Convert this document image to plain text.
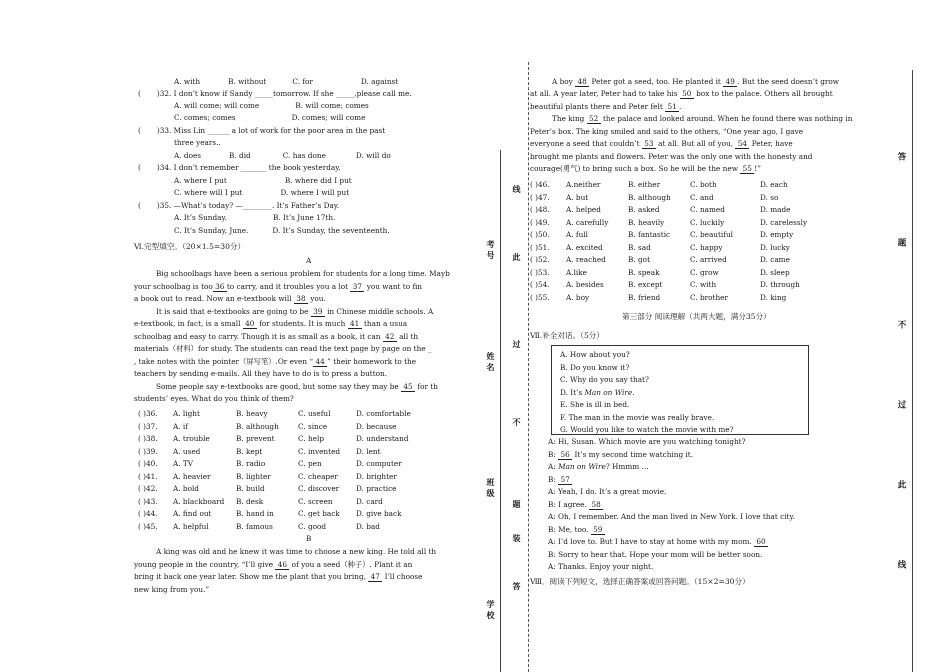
A. with	B. without	C. for	D. against
( )32. I don’t know if Sandy _____tomorrow. If she _____,please call me.
A. will come; will come	B. will come; comes
C. comes; comes	D. comes; will come
( )33. Miss Lin ______ a lot of work for the poor area in the past
three years..
A. does	B. did	C. has done	D. will do
( )34. I don’t remember _______ the book yesterday.
A. where I put	B. where did I put
C. where will I put	D. where I will put
( )35. —What’s today? —________. It’s Father’s Day.
A. It’s Sunday.	B. It’s June 17th.
C. It’s Sunday, June.	D. It’s Sunday, the seventeenth.
Ⅵ.完型填空。（20×1.5=30分）
A
Big schoolbags have been a serious problem for students for a long time. Mayb
your schoolbag is too 36 to carry, and it troubles you a lot 37 you want to fin
a book out to read. Now an e-textbook will 38 you.
It is said that e-textbooks are going to be 39 in Chinese middle schools. A
e-textbook, in fact, is a small 40 for students. It is much 41 than a usua
schoolbag and easy to carry. Though it is as small as a book, it can 42 all th
materials（材料）for study. The students can read the text page by page on the _
, take notes with the pointer（屏写笔）.Or even “ 44 ” their homework to the
teachers by sending e-mails. All they have to do is to press a button.
Some people say e-textbooks are good, but some say they may be 45 for th
students’ eyes. What do you think of them?
( )36. A. light	B. heavy	C. useful	D. comfortable
( )37. A. if	B. although	C. since	D. because
( )38. A. trouble	B. prevent	C. help	D. understand
( )39. A. used	B. kept	C. invented D. lent
( )40. A. TV	B. radio	C. pen	D. computer
( )41. A. heavier	B. lighter	C. cheaper D. brighter
( )42. A. bold	B. build	C. discover D. practice
( )43. A. blackboard B. desk	C. screen	D. card
( )44. A. find out	B. hand in	C. get back D. give back
( )45. A. helpful	B. famous	C. good	D. bad
B
A king was old and he knew it was time to choose a new king. He told all th
young people in the country, “I’ll give 46 of you a seed（种子）. Plant it an
bring it back one year later. Show me the plant that you bring, 47 I’ll choose
new king from you.”
考号
姓名
班级
学校
线
此
过
不
题
装
答
答
题
不
过
此
线
A boy 48 Peter got a seed, too. He planted it 49 . But the seed doesn’t grow
at all. A year later, Peter had to take his 50 box to the palace. Others all brought
beautiful plants there and Peter felt 51 .
The king 52 the palace and looked around. When he found there was nothing in
Peter’s box. The king smiled and said to the others, “One year ago, I gave
everyone a seed that couldn’t 53 at all. But all of you, 54 Peter, have
brought me plants and flowers. Peter was the only one with the honesty and
courage(勇气) to bring such a box. So he will be the new 55 !”
( )46. A.neither	B. either	C. both	D. each
( )47. A. but	B. although	C. and	D. so
( )48. A. helped	B. asked	C. named	D. made
( )49. A. carefully	B. heavily	C. luckily	D. carelessly
( )50. A. full	B. fantastic	C. beautiful	D. empty
( )51. A. excited	B. sad	C. happy	D. lucky
( )52. A. reached	B. got	C. arrived	D. came
( )53. A.like	B. speak	C. grow	D. sleep
( )54. A. besides	B. except	C. with	D. through
( )55. A. boy	B. friend	C. brother	D. king
第三部分 阅读理解（共两大题，满分35分）
Ⅶ.补全对话。（5分）
A. How about you?
B. Do you know it?
C. Why do you say that?
D. It’s Man on Wire.
E. She is ill in bed.
F. The man in the movie was really brave.
G. Would you like to watch the movie with me?
A: Hi, Susan. Which movie are you watching tonight?
B: 56 It’s my second time watching it.
A: Man on Wire? Hmmm …
B: 57
A: Yeah, I do. It’s a great movie.
B: I agree. 58
A: Oh, I remember. And the man lived in New York. I love that city.
B: Me, too. 59
A: I’d love to. But I have to stay at home with my mom. 60
B: Sorry to hear that. Hope your mom will be better soon.
A: Thanks. Enjoy your night.
Ⅷ．阅读下列短文，选择正确答案或回答问题。（15×2=30分）
